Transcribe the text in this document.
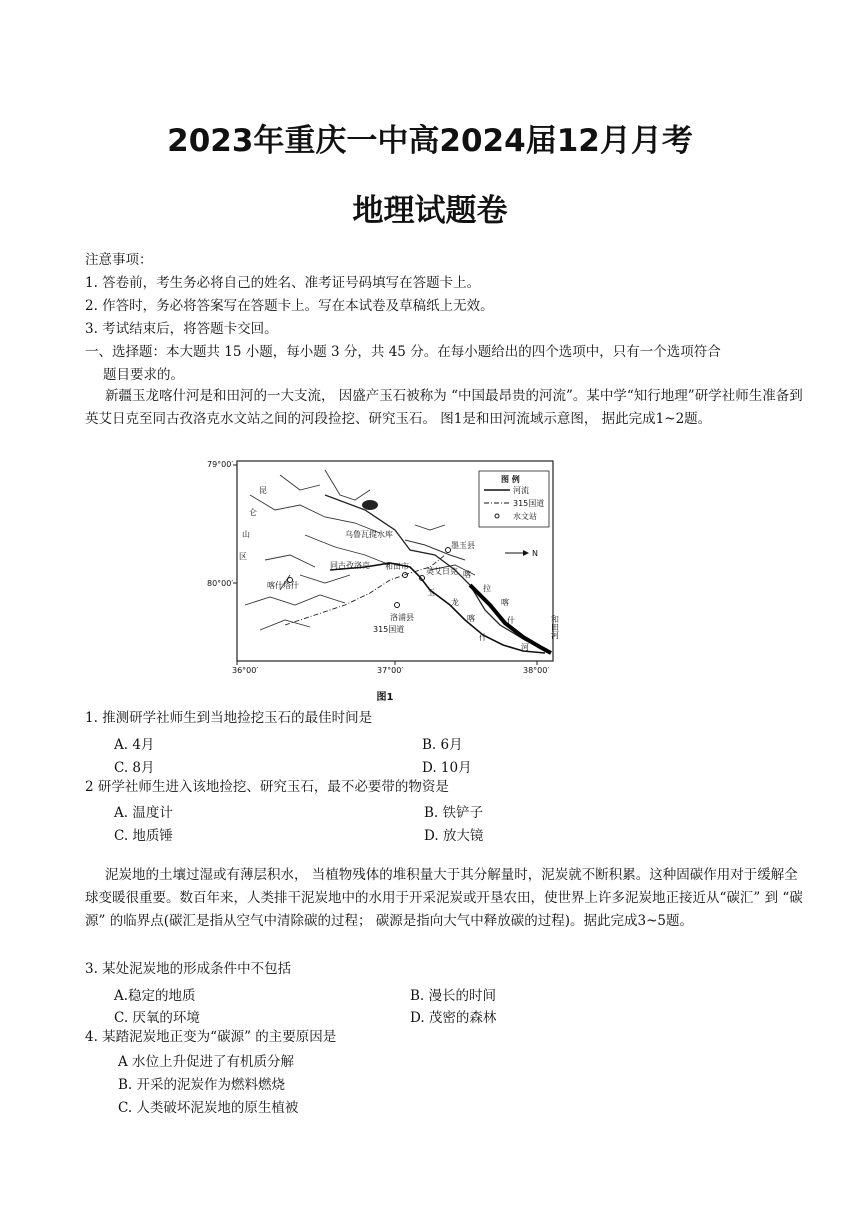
2023年重庆一中高2024届12月月考
地理试题卷
注意事项：
1. 答卷前，考生务必将自己的姓名、准考证号码填写在答题卡上。
2. 作答时，务必将答案写在答题卡上。写在本试卷及草稿纸上无效。
3. 考试结束后，将答题卡交回。
一、选择题：本大题共 15 小题，每小题 3 分，共 45 分。在每小题给出的四个选项中，只有一个选项符合
题目要求的。
新疆玉龙喀什河是和田河的一大支流， 因盛产玉石被称为 “中国最昂贵的河流”。某中学“知行地理”研学社师生准备到英艾日克至同古孜洛克水文站之间的河段捡挖、研究玉石。 图1是和田河流域示意图， 据此完成1~2题。
79°00′
80°00′
36°00′	37°00′	38°00′
昆
仑
山
区
乌鲁瓦提水库
墨玉县
同古孜洛克 和田市
英艾日克
喀什塔什
洛浦县
315国道
玉
龙
喀
什
喀
拉
喀
什
河
和田河
图 例
河流
315国道
水文站
N
图1
1. 推测研学社师生到当地捡挖玉石的最佳时间是
A. 4月	B. 6月
C. 8月	D. 10月
2 研学社师生进入该地捡挖、研究玉石，最不必要带的物资是
A. 温度计	B. 铁铲子
C. 地质锤	D. 放大镜
泥炭地的土壤过湿或有薄层积水， 当植物残体的堆积量大于其分解量时，泥炭就不断积累。这种固碳作用对于缓解全球变暖很重要。数百年来，人类排干泥炭地中的水用于开采泥炭或开垦农田，使世界上许多泥炭地正接近从“碳汇” 到 “碳源” 的临界点(碳汇是指从空气中清除碳的过程； 碳源是指向大气中释放碳的过程)。据此完成3~5题。
3. 某处泥炭地的形成条件中不包括
A.稳定的地质	B. 漫长的时间
C. 厌氧的环境	D. 茂密的森林
4. 某踏泥炭地正变为“碳源” 的主要原因是
A 水位上升促进了有机质分解
B. 开采的泥炭作为燃料燃烧
C. 人类破坏泥炭地的原生植被
